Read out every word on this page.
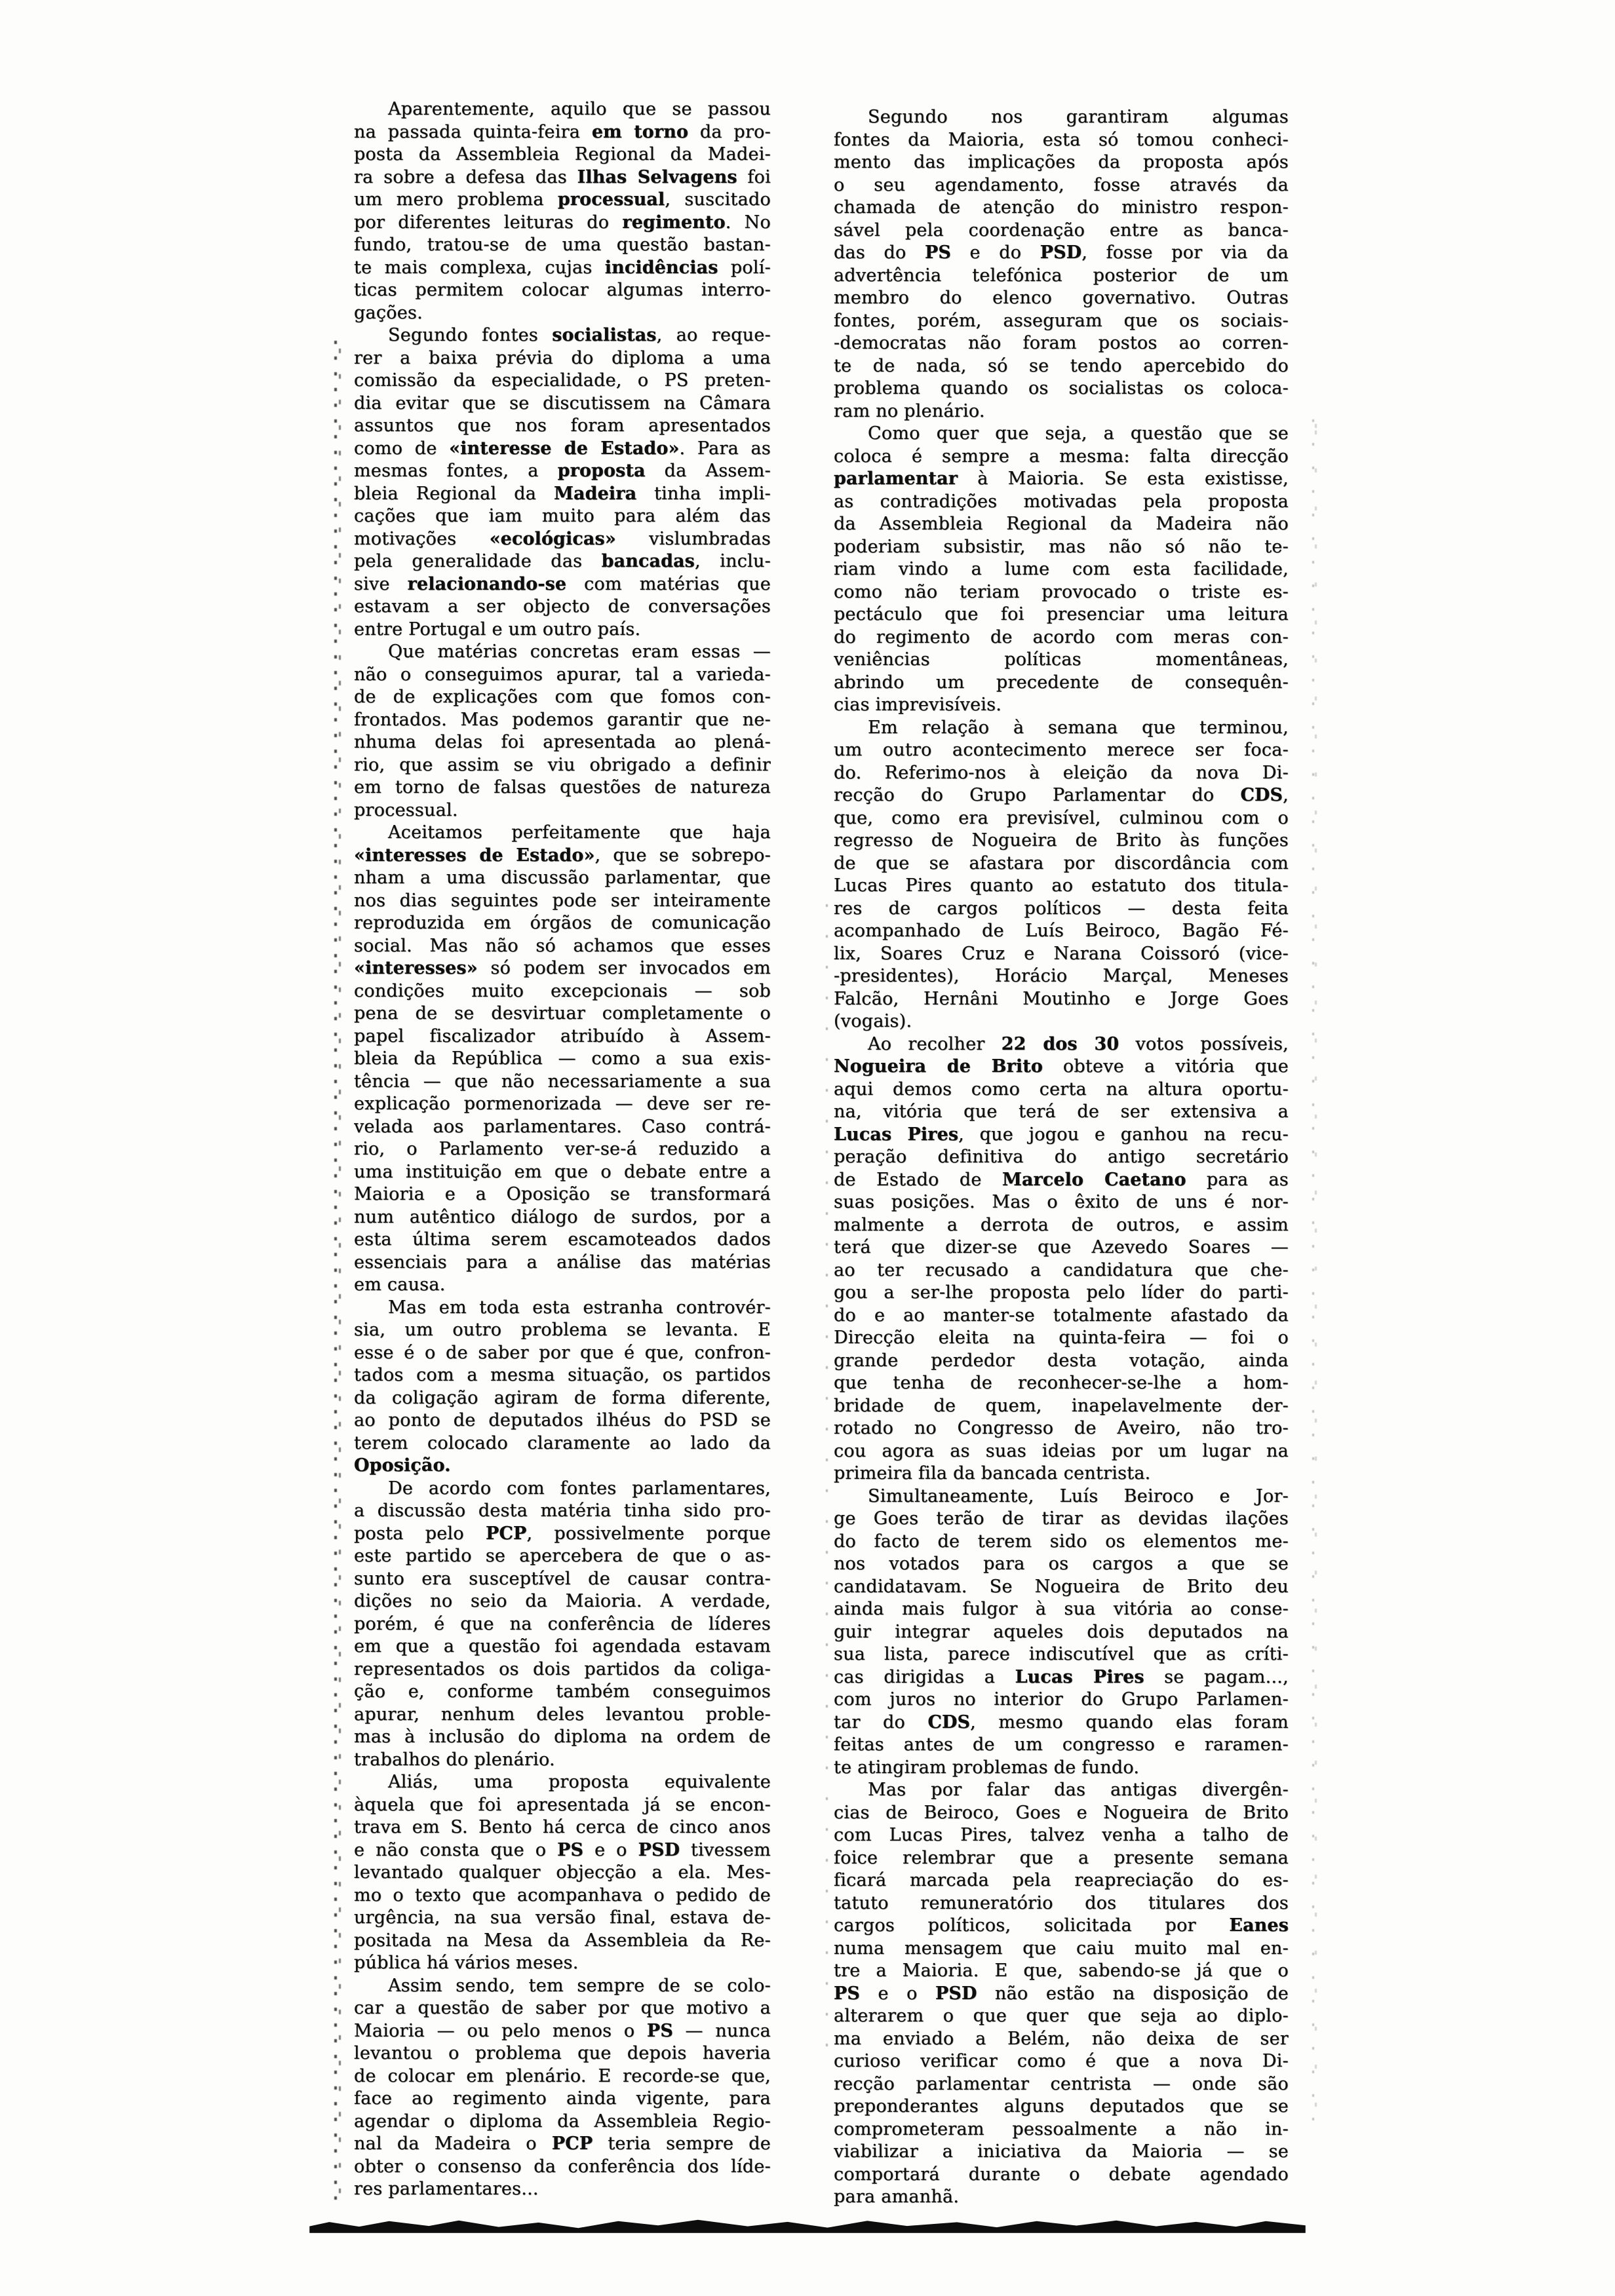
Aparentemente, aquilo que se passou
na passada quinta-feira em torno da pro-
posta da Assembleia Regional da Madei-
ra sobre a defesa das Ilhas Selvagens foi
um mero problema processual, suscitado
por diferentes leituras do regimento. No
fundo, tratou-se de uma questão bastan-
te mais complexa, cujas incidências polí-
ticas permitem colocar algumas interro-
gações.
Segundo fontes socialistas, ao reque-
rer a baixa prévia do diploma a uma
comissão da especialidade, o PS preten-
dia evitar que se discutissem na Câmara
assuntos que nos foram apresentados
como de «interesse de Estado». Para as
mesmas fontes, a proposta da Assem-
bleia Regional da Madeira tinha impli-
cações que iam muito para além das
motivações «ecológicas» vislumbradas
pela generalidade das bancadas, inclu-
sive relacionando-se com matérias que
estavam a ser objecto de conversações
entre Portugal e um outro país.
Que matérias concretas eram essas —
não o conseguimos apurar, tal a varieda-
de de explicações com que fomos con-
frontados. Mas podemos garantir que ne-
nhuma delas foi apresentada ao plená-
rio, que assim se viu obrigado a definir
em torno de falsas questões de natureza
processual.
Aceitamos perfeitamente que haja
«interesses de Estado», que se sobrepo-
nham a uma discussão parlamentar, que
nos dias seguintes pode ser inteiramente
reproduzida em órgãos de comunicação
social. Mas não só achamos que esses
«interesses» só podem ser invocados em
condições muito excepcionais — sob
pena de se desvirtuar completamente o
papel fiscalizador atribuído à Assem-
bleia da República — como a sua exis-
tência — que não necessariamente a sua
explicação pormenorizada — deve ser re-
velada aos parlamentares. Caso contrá-
rio, o Parlamento ver-se-á reduzido a
uma instituição em que o debate entre a
Maioria e a Oposição se transformará
num autêntico diálogo de surdos, por a
esta última serem escamoteados dados
essenciais para a análise das matérias
em causa.
Mas em toda esta estranha controvér-
sia, um outro problema se levanta. E
esse é o de saber por que é que, confron-
tados com a mesma situação, os partidos
da coligação agiram de forma diferente,
ao ponto de deputados ilhéus do PSD se
terem colocado claramente ao lado da
Oposição.
De acordo com fontes parlamentares,
a discussão desta matéria tinha sido pro-
posta pelo PCP, possivelmente porque
este partido se apercebera de que o as-
sunto era susceptível de causar contra-
dições no seio da Maioria. A verdade,
porém, é que na conferência de líderes
em que a questão foi agendada estavam
representados os dois partidos da coliga-
ção e, conforme também conseguimos
apurar, nenhum deles levantou proble-
mas à inclusão do diploma na ordem de
trabalhos do plenário.
Aliás, uma proposta equivalente
àquela que foi apresentada já se encon-
trava em S. Bento há cerca de cinco anos
e não consta que o PS e o PSD tivessem
levantado qualquer objecção a ela. Mes-
mo o texto que acompanhava o pedido de
urgência, na sua versão final, estava de-
positada na Mesa da Assembleia da Re-
pública há vários meses.
Assim sendo, tem sempre de se colo-
car a questão de saber por que motivo a
Maioria — ou pelo menos o PS — nunca
levantou o problema que depois haveria
de colocar em plenário. E recorde-se que,
face ao regimento ainda vigente, para
agendar o diploma da Assembleia Regio-
nal da Madeira o PCP teria sempre de
obter o consenso da conferência dos líde-
res parlamentares...
Segundo nos garantiram algumas
fontes da Maioria, esta só tomou conheci-
mento das implicações da proposta após
o seu agendamento, fosse através da
chamada de atenção do ministro respon-
sável pela coordenação entre as banca-
das do PS e do PSD, fosse por via da
advertência telefónica posterior de um
membro do elenco governativo. Outras
fontes, porém, asseguram que os sociais-
-democratas não foram postos ao corren-
te de nada, só se tendo apercebido do
problema quando os socialistas os coloca-
ram no plenário.
Como quer que seja, a questão que se
coloca é sempre a mesma: falta direcção
parlamentar à Maioria. Se esta existisse,
as contradições motivadas pela proposta
da Assembleia Regional da Madeira não
poderiam subsistir, mas não só não te-
riam vindo a lume com esta facilidade,
como não teriam provocado o triste es-
pectáculo que foi presenciar uma leitura
do regimento de acordo com meras con-
veniências políticas momentâneas,
abrindo um precedente de consequên-
cias imprevisíveis.
Em relação à semana que terminou,
um outro acontecimento merece ser foca-
do. Referimo-nos à eleição da nova Di-
recção do Grupo Parlamentar do CDS,
que, como era previsível, culminou com o
regresso de Nogueira de Brito às funções
de que se afastara por discordância com
Lucas Pires quanto ao estatuto dos titula-
res de cargos políticos — desta feita
acompanhado de Luís Beiroco, Bagão Fé-
lix, Soares Cruz e Narana Coissoró (vice-
-presidentes), Horácio Marçal, Meneses
Falcão, Hernâni Moutinho e Jorge Goes
(vogais).
Ao recolher 22 dos 30 votos possíveis,
Nogueira de Brito obteve a vitória que
aqui demos como certa na altura oportu-
na, vitória que terá de ser extensiva a
Lucas Pires, que jogou e ganhou na recu-
peração definitiva do antigo secretário
de Estado de Marcelo Caetano para as
suas posições. Mas o êxito de uns é nor-
malmente a derrota de outros, e assim
terá que dizer-se que Azevedo Soares —
ao ter recusado a candidatura que che-
gou a ser-lhe proposta pelo líder do parti-
do e ao manter-se totalmente afastado da
Direcção eleita na quinta-feira — foi o
grande perdedor desta votação, ainda
que tenha de reconhecer-se-lhe a hom-
bridade de quem, inapelavelmente der-
rotado no Congresso de Aveiro, não tro-
cou agora as suas ideias por um lugar na
primeira fila da bancada centrista.
Simultaneamente, Luís Beiroco e Jor-
ge Goes terão de tirar as devidas ilações
do facto de terem sido os elementos me-
nos votados para os cargos a que se
candidatavam. Se Nogueira de Brito deu
ainda mais fulgor à sua vitória ao conse-
guir integrar aqueles dois deputados na
sua lista, parece indiscutível que as críti-
cas dirigidas a Lucas Pires se pagam...,
com juros no interior do Grupo Parlamen-
tar do CDS, mesmo quando elas foram
feitas antes de um congresso e raramen-
te atingiram problemas de fundo.
Mas por falar das antigas divergên-
cias de Beiroco, Goes e Nogueira de Brito
com Lucas Pires, talvez venha a talho de
foice relembrar que a presente semana
ficará marcada pela reapreciação do es-
tatuto remuneratório dos titulares dos
cargos políticos, solicitada por Eanes
numa mensagem que caiu muito mal en-
tre a Maioria. E que, sabendo-se já que o
PS e o PSD não estão na disposição de
alterarem o que quer que seja ao diplo-
ma enviado a Belém, não deixa de ser
curioso verificar como é que a nova Di-
recção parlamentar centrista — onde são
preponderantes alguns deputados que se
comprometeram pessoalmente a não in-
viabilizar a iniciativa da Maioria — se
comportará durante o debate agendado
para amanhã.
